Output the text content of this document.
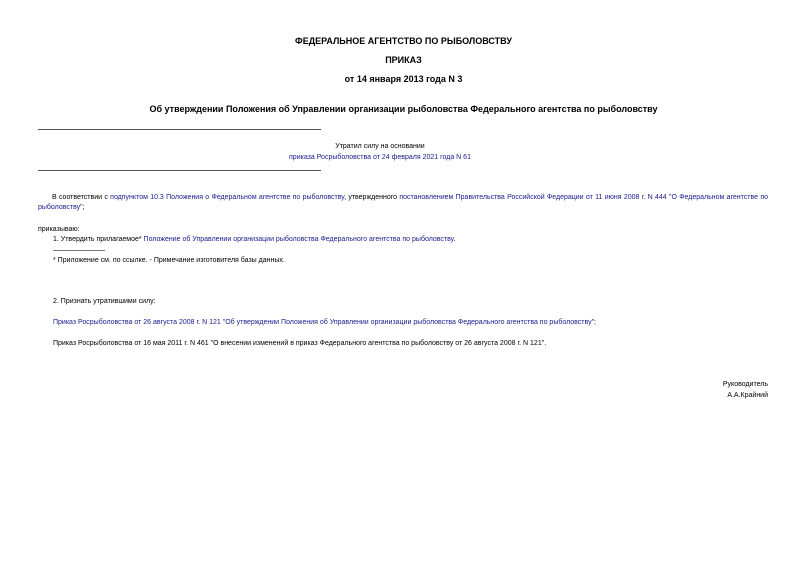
ФЕДЕРАЛЬНОЕ АГЕНТСТВО ПО РЫБОЛОВСТВУ
ПРИКАЗ
от 14 января 2013 года N 3
Об утверждении Положения об Управлении организации рыболовства Федерального агентства по рыболовству
Утратил силу на основании
приказа Росрыболовства от 24 февраля 2021 года N 61
В соответствии с подпунктом 10.3 Положения о Федеральном агентстве по рыболовству, утвержденного постановлением Правительства Российской Федерации от 11 июня 2008 г. N 444 "О Федеральном агентстве по рыболовству";
приказываю:
1. Утвердить прилагаемое* Положение об Управлении организации рыболовства Федерального агентства по рыболовству.
* Приложение см. по ссылке. - Примечание изготовителя базы данных.
2. Признать утратившими силу:
Приказ Росрыболовства от 26 августа 2008 г. N 121 "Об утверждении Положения об Управлении организации рыболовства Федерального агентства по рыболовству";
Приказ Росрыболовства от 16 мая 2011 г. N 461 "О внесении изменений в приказ Федерального агентства по рыболовству от 26 августа 2008 г. N 121".
Руководитель
А.А.Крайний
